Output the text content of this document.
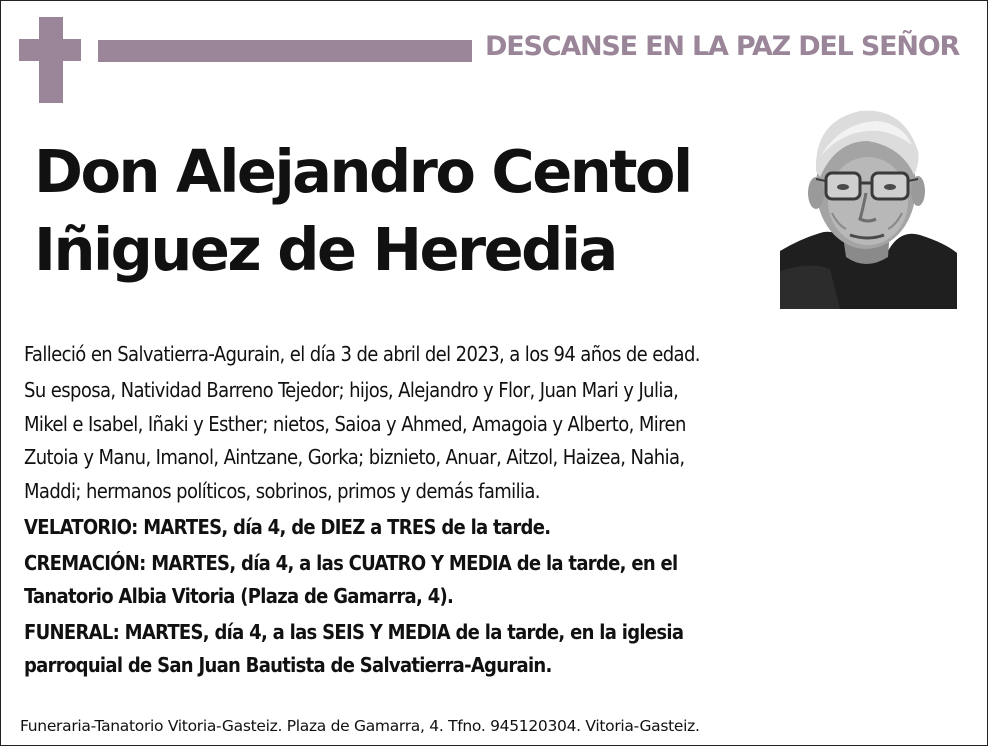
DESCANSE EN LA PAZ DEL SEÑOR
Don Alejandro Centol
Iñiguez de Heredia

Falleció en Salvatierra-Agurain, el día 3 de abril del 2023, a los 94 años de edad.

Su esposa, Natividad Barreno Tejedor; hijos, Alejandro y Flor, Juan Mari y Julia,
Mikel e Isabel, Iñaki y Esther; nietos, Saioa y Ahmed, Amagoia y Alberto, Miren
Zutoia y Manu, Imanol, Aintzane, Gorka; biznieto, Anuar, Aitzol, Haizea, Nahia,
Maddi; hermanos políticos, sobrinos, primos y demás familia.

VELATORIO: MARTES, día 4, de DIEZ a TRES de la tarde.

CREMACIÓN: MARTES, día 4, a las CUATRO Y MEDIA de la tarde, en el
Tanatorio Albia Vitoria (Plaza de Gamarra, 4).
FUNERAL: MARTES, día 4, a las SEIS Y MEDIA de la tarde, en la iglesia
parroquial de San Juan Bautista de Salvatierra-Agurain.
Funeraria-Tanatorio Vitoria-Gasteiz. Plaza de Gamarra, 4. Tfno. 945120304. Vitoria-Gasteiz.
